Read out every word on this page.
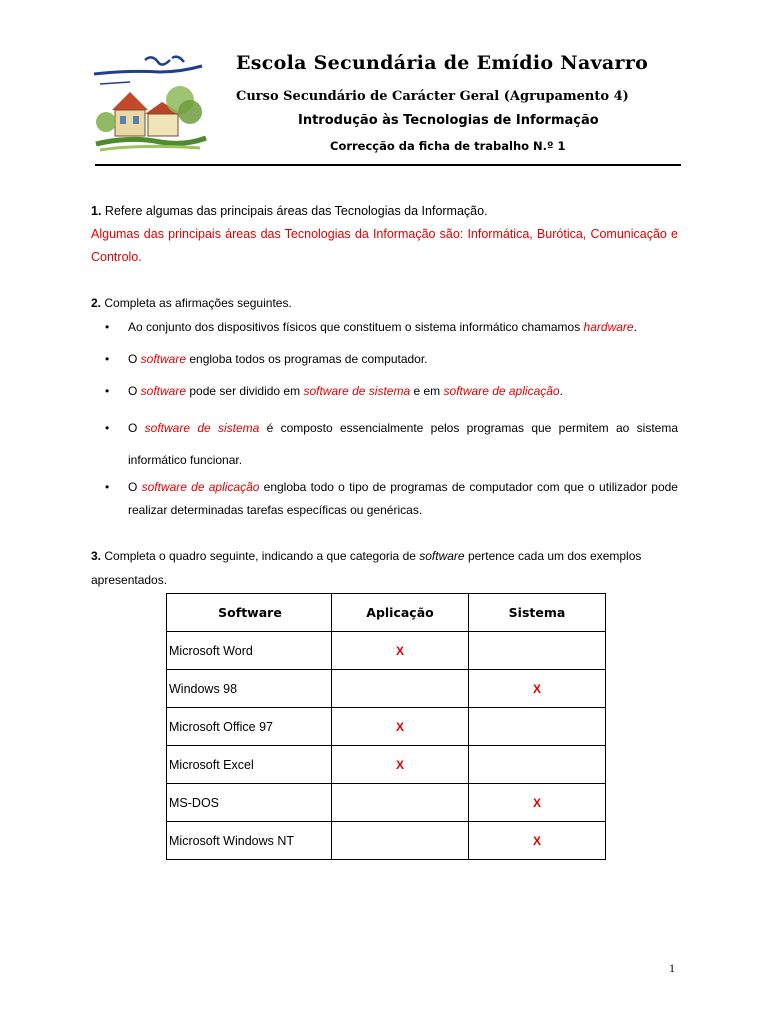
Escola Secundária de Emídio Navarro
Curso Secundário de Carácter Geral (Agrupamento 4)
Introdução às Tecnologias de Informação
Correcção da ficha de trabalho N.º 1
1. Refere algumas das principais áreas das Tecnologias da Informação.
Algumas das principais áreas das Tecnologias da Informação são: Informática, Burótica, Comunicação e Controlo.
2. Completa as afirmações seguintes.
• Ao conjunto dos dispositivos físicos que constituem o sistema informático chamamos hardware.
• O software engloba todos os programas de computador.
• O software pode ser dividido em software de sistema e em software de aplicação.
• O software de sistema é composto essencialmente pelos programas que permitem ao sistema informático funcionar.
• O software de aplicação engloba todo o tipo de programas de computador com que o utilizador pode realizar determinadas tarefas específicas ou genéricas.
3. Completa o quadro seguinte, indicando a que categoria de software pertence cada um dos exemplos apresentados.
Software	Aplicação	Sistema
Microsoft Word	X	
Windows 98		X
Microsoft Office 97	X	
Microsoft Excel	X	
MS-DOS		X
Microsoft Windows NT		X
1
